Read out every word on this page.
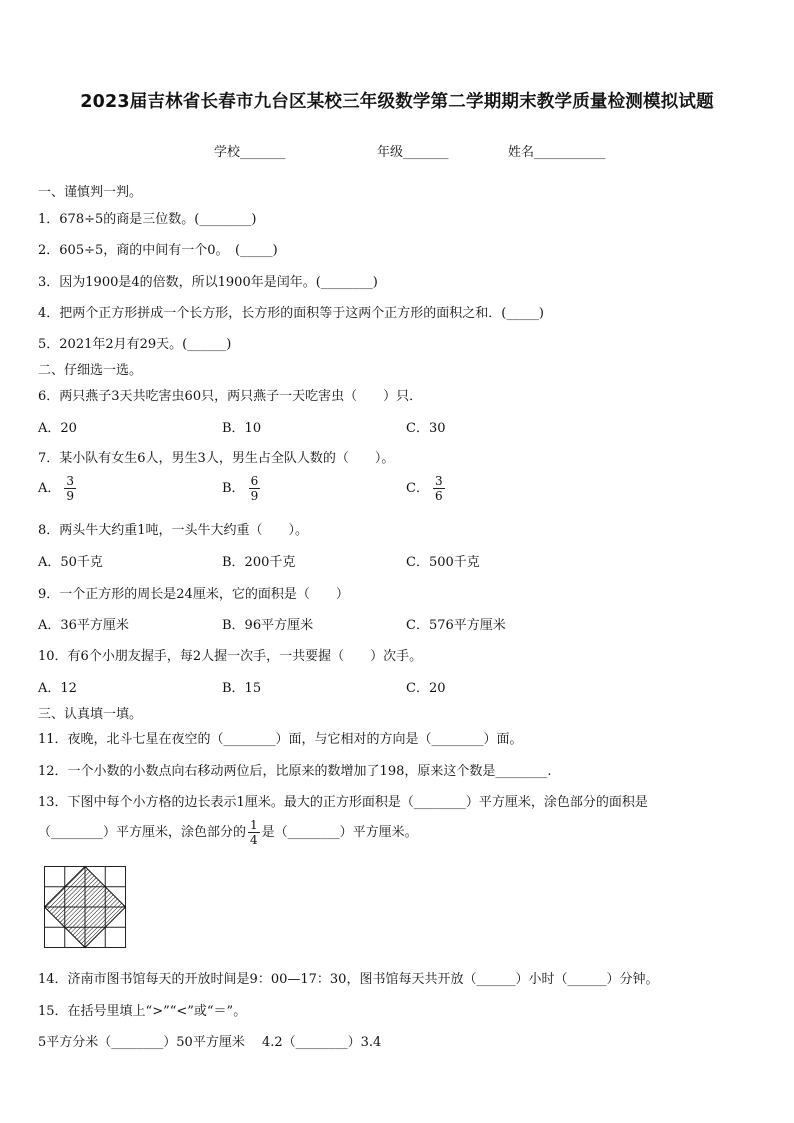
2023届吉林省长春市九台区某校三年级数学第二学期期末教学质量检测模拟试题
学校_______	年级_______	姓名___________
一、谨慎判一判。
1．678÷5的商是三位数。(________)
2．605÷5，商的中间有一个0。　(_____)
3．因为1900是4的倍数，所以1900年是闰年。(________)
4．把两个正方形拼成一个长方形，长方形的面积等于这两个正方形的面积之和．(_____)
5．2021年2月有29天。(______)
二、仔细选一选。
6．两只燕子3天共吃害虫60只，两只燕子一天吃害虫（　　）只．
A．20	B．10	C．30
7．某小队有女生6人，男生3人，男生占全队人数的（　　）。
A． $\frac{3}{9}$	B． $\frac{6}{9}$	C． $\frac{3}{6}$
8．两头牛大约重1吨，一头牛大约重（　　）。
A．50千克	B．200千克	C．500千克
9．一个正方形的周长是24厘米，它的面积是（　　）
A．36平方厘米	B．96平方厘米	C．576平方厘米
10．有6个小朋友握手，每2人握一次手，一共要握（　　）次手。
A．12	B．15	C．20
三、认真填一填。
11．夜晚，北斗七星在夜空的（________）面，与它相对的方向是（________）面。
12．一个小数的小数点向右移动两位后，比原来的数增加了198，原来这个数是________.
13．下图中每个小方格的边长表示1厘米。最大的正方形面积是（________）平方厘米，涂色部分的面积是
（________）平方厘米，涂色部分的 $\frac{1}{4}$ 是（________）平方厘米。
14．济南市图书馆每天的开放时间是9：00—17：30，图书馆每天共开放（______）小时（______）分钟。
15．在括号里填上“>”“<”或“＝”。
5平方分米（________）50平方厘米　 4.2（________）3.4
